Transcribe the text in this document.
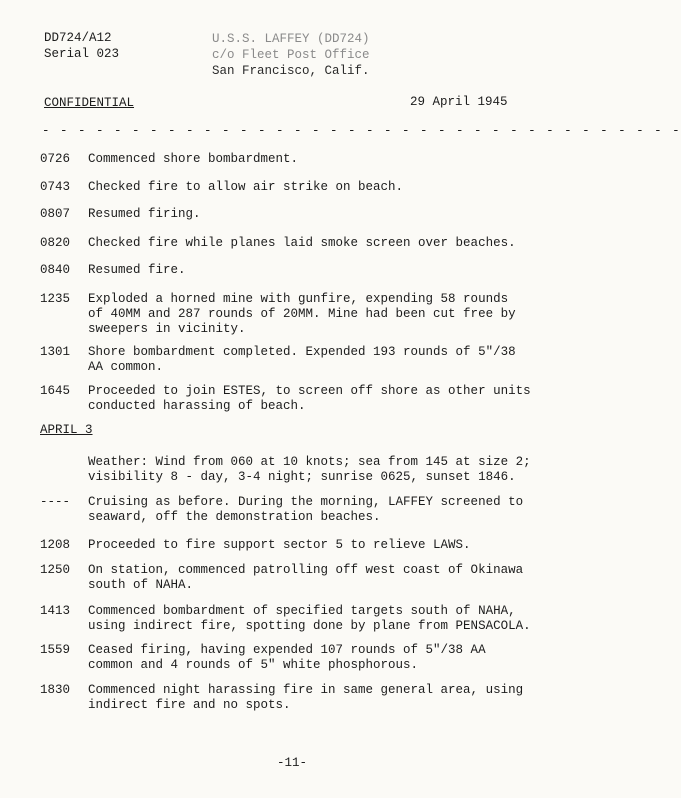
DD724/A12
Serial 023
U.S.S. LAFFEY (DD724)
c/o Fleet Post Office
San Francisco, Calif.
CONFIDENTIAL	29 April 1945
- - - - - - - - - - - - - - - - - - - - - - - - - - - - - - - - - - - -
0726 Commenced shore bombardment.
0743 Checked fire to allow air strike on beach.
0807 Resumed firing.
0820 Checked fire while planes laid smoke screen over beaches.
0840 Resumed fire.
1235 Exploded a horned mine with gunfire, expending 58 rounds
of 40MM and 287 rounds of 20MM. Mine had been cut free by
sweepers in vicinity.
1301 Shore bombardment completed. Expended 193 rounds of 5"/38
AA common.
1645 Proceeded to join ESTES, to screen off shore as other units
conducted harassing of beach.
APRIL 3
Weather: Wind from 060 at 10 knots; sea from 145 at size 2;
visibility 8 - day, 3-4 night; sunrise 0625, sunset 1846.
---- Cruising as before. During the morning, LAFFEY screened to
seaward, off the demonstration beaches.
1208 Proceeded to fire support sector 5 to relieve LAWS.
1250 On station, commenced patrolling off west coast of Okinawa
south of NAHA.
1413 Commenced bombardment of specified targets south of NAHA,
using indirect fire, spotting done by plane from PENSACOLA.
1559 Ceased firing, having expended 107 rounds of 5"/38 AA
common and 4 rounds of 5" white phosphorous.
1830 Commenced night harassing fire in same general area, using
indirect fire and no spots.
-11-
